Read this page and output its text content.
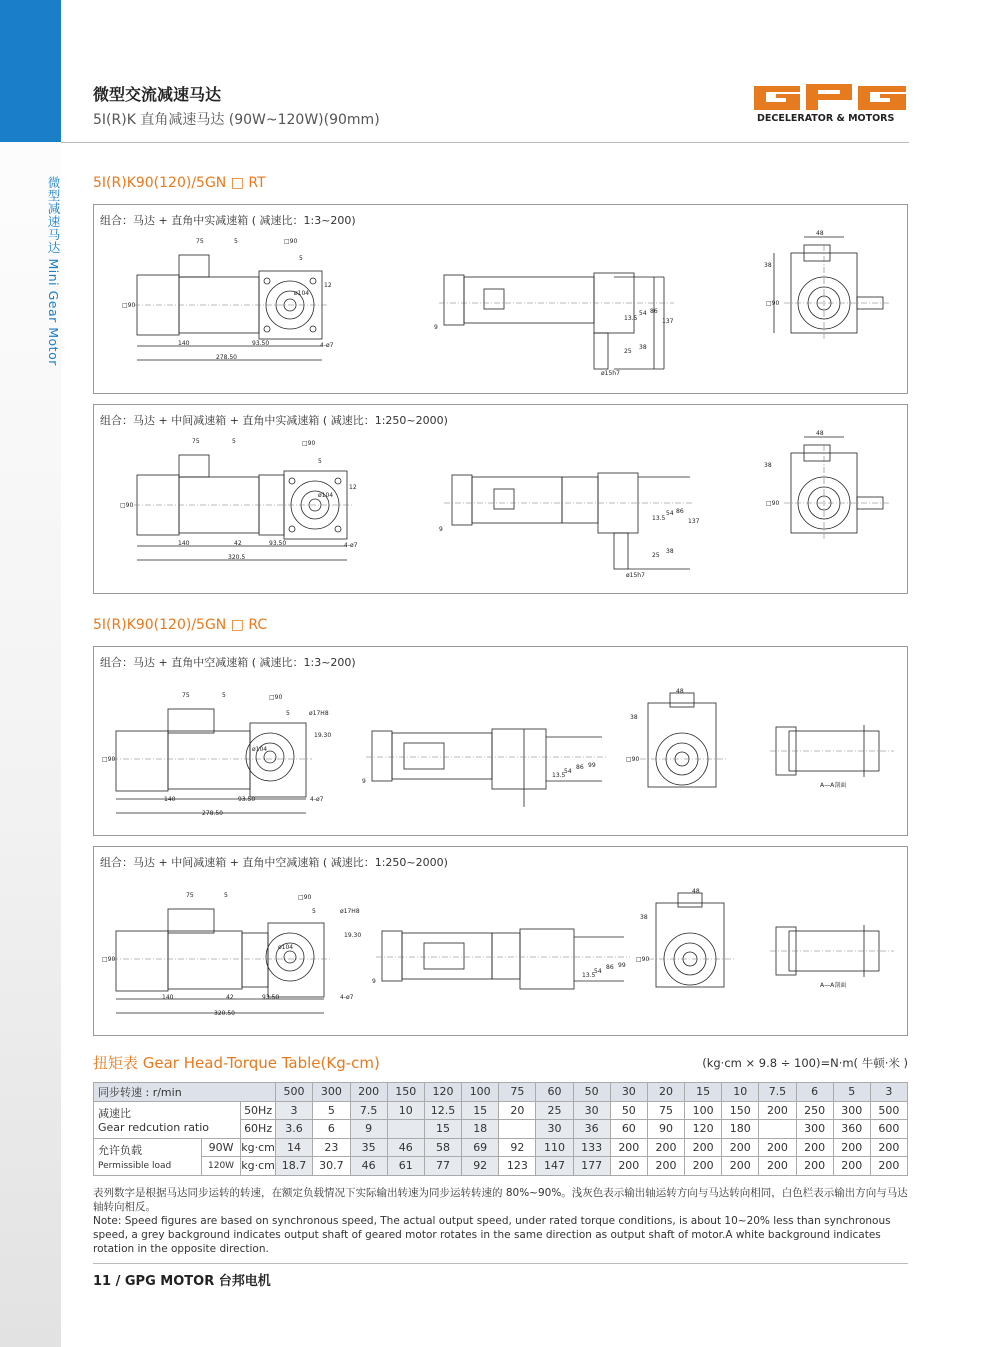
微型减速马达 Mini Gear Motor
微型交流减速马达
5I(R)K 直角减速马达 (90W~120W)(90mm)	DECELERATOR & MOTORS
5I(R)K90(120)/5GN □ RT
组合：马达 + 直角中实减速箱 ( 减速比：1:3~200)
75	5	□90
□90
5
12
ø104
140	93.50
278.50
4-ø7
9
13.5
54 86
137
25
38
ø15h7
48
38
□90
组合：马达 + 中间减速箱 + 直角中实减速箱 ( 减速比：1:250~2000)
75	5	□90
□90
5
12
ø104
140	42	93.50
320.5
4-ø7
9
13.5
54 86
137
25
38
ø15h7
48
38
□90
5I(R)K90(120)/5GN □ RC
组合：马达 + 直角中空减速箱 ( 减速比：1:3~200)
75	5	□90
□90
5	ø17H8
19.30
ø104
140	93.50
278.50
4-ø7
9
13.5
54
86 99
48
38
□90
A—A剖面
组合：马达 + 中间减速箱 + 直角中空减速箱 ( 减速比：1:250~2000)
75	5	□90
□90
5	ø17H8
19.30
ø104
140	42	93.50
320.50
4-ø7
9
13.5
54
86 99
48
38
□90
A—A剖面
扭矩表 Gear Head-Torque Table(Kg-cm)	(kg·cm × 9.8 ÷ 100)=N·m( 牛顿·米 )
同步转速 : r/min			500	300	200	150	120	100	75	60	50	30	20	15	10	7.5	6	5	3
减速比
Gear redcution ratio		50Hz	3	5	7.5	10	12.5	15	20	25	30	50	75	100	150	200	250	300	500
		60Hz	3.6	6	9		15	18		30	36	60	90	120	180		300	360	600
允许负载
Permissible load	90W	kg·cm	14	23	35	46	58	69	92	110	133	200	200	200	200	200	200	200	200
	120W	kg·cm	18.7	30.7	46	61	77	92	123	147	177	200	200	200	200	200	200	200	200
表列数字是根据马达同步运转的转速，在额定负载情况下实际输出转速为同步运转转速的 80%~90%。浅灰色表示输出轴运转方向与马达转向相同，白色栏表示输出方向与马达轴转向相反。
Note: Speed figures are based on synchronous speed, The actual output speed, under rated torque conditions, is about 10~20% less than synchronous speed, a grey background indicates output shaft of geared motor rotates in the same direction as output shaft of motor.A white background indicates rotation in the opposite direction.
11 / GPG MOTOR 台邦电机
